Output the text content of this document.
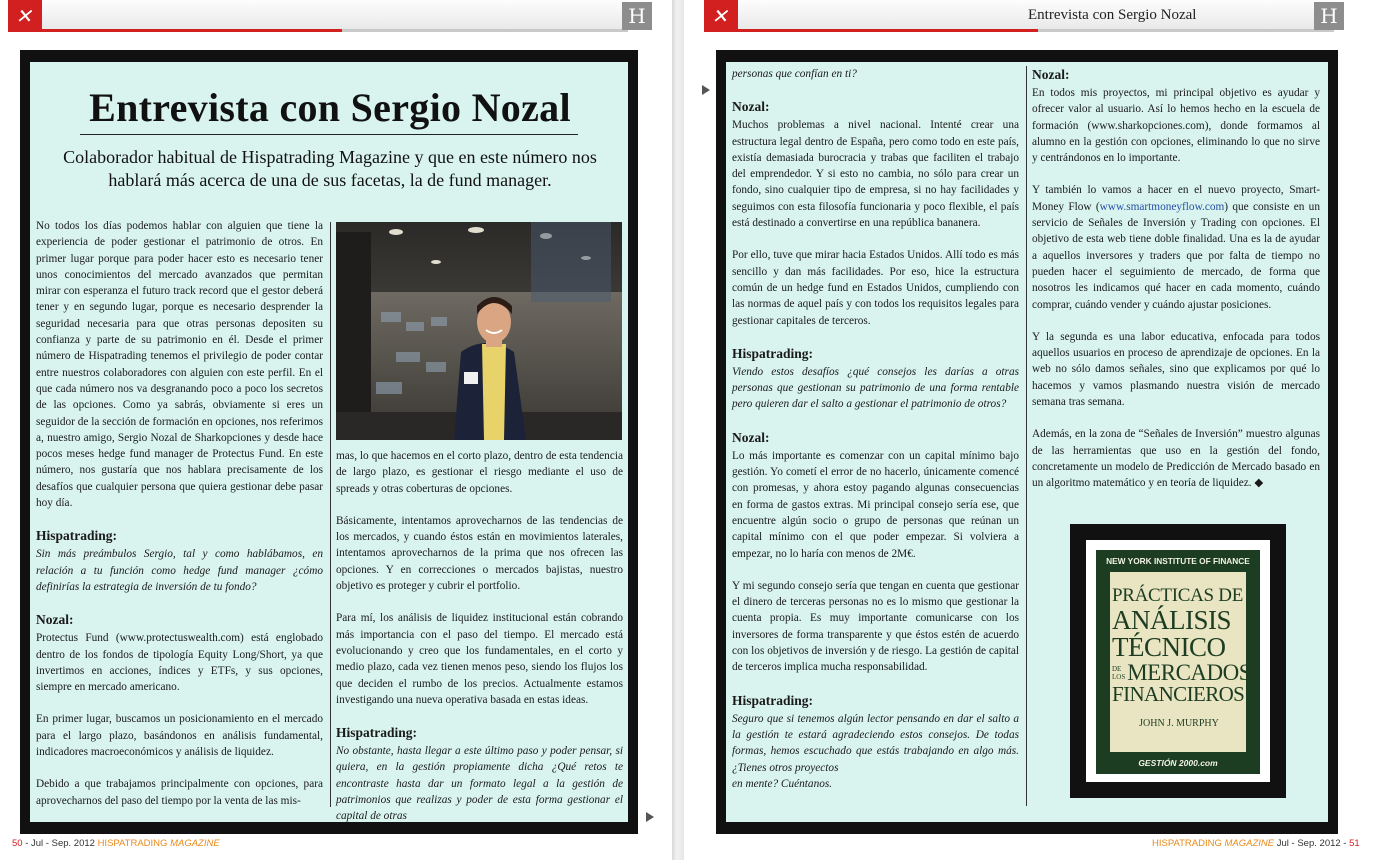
✕	H
Entrevista con Sergio Nozal
Colaborador habitual de Hispatrading Magazine y que en este número nos
hablará más acerca de una de sus facetas, la de fund manager.

No todos los días podemos hablar con alguien que tiene la experiencia de poder gestionar el patrimonio de otros. En primer lugar porque para poder hacer esto es necesario tener unos conocimientos del mercado avanzados que permitan mirar con esperanza el futuro track record que el gestor deberá tener y en segundo lugar, porque es necesario desprender la seguridad necesaria para que otras personas depositen su confianza y parte de su patrimonio en él. Desde el primer número de Hispatrading tenemos el privilegio de poder contar entre nuestros colaboradores con alguien con este perfil. En el que cada número nos va desgranando poco a poco los secretos de las opciones. Como ya sabrás, obviamente si eres un seguidor de la sección de formación en opciones, nos referimos a, nuestro amigo, Sergio Nozal de Sharkopciones y desde hace pocos meses hedge fund manager de Protectus Fund. En este número, nos gustaría que nos hablara precisamente de los desafíos que cualquier persona que quiera gestionar debe pasar hoy día.

Hispatrading:

Sin más preámbulos Sergio, tal y como hablábamos, en relación a tu función como hedge fund manager ¿cómo definirías la estrategia de inversión de tu fondo?

Nozal:

Protectus Fund (www.protectuswealth.com) está englobado dentro de los fondos de tipología Equity Long/Short, ya que invertimos en acciones, índices y ETFs, y sus opciones, siempre en mercado americano.

En primer lugar, buscamos un posicionamiento en el mercado para el largo plazo, basándonos en análisis fundamental, indicadores macroeconómicos y análisis de liquidez.

Debido a que trabajamos principalmente con opciones, para aprovecharnos del paso del tiempo por la venta de las mis-

mas, lo que hacemos en el corto plazo, dentro de esta tendencia de largo plazo, es gestionar el riesgo mediante el uso de spreads y otras coberturas de opciones.

Básicamente, intentamos aprovecharnos de las tendencias de los mercados, y cuando éstos están en movimientos laterales, intentamos aprovecharnos de la prima que nos ofrecen las opciones. Y en correcciones o mercados bajistas, nuestro objetivo es proteger y cubrir el portfolio.

Para mí, los análisis de liquidez institucional están cobrando más importancia con el paso del tiempo. El mercado está evolucionando y creo que los fundamentales, en el corto y medio plazo, cada vez tienen menos peso, siendo los flujos los que deciden el rumbo de los precios. Actualmente estamos investigando una nueva operativa basada en estas ideas.

Hispatrading:

No obstante, hasta llegar a este último paso y poder pensar, si quiera, en la gestión propiamente dicha ¿Qué retos te encontraste hasta dar un formato legal a la gestión de patrimonios que realizas y poder de esta forma gestionar el capital de otras

50 - Jul - Sep. 2012 HISPATRADING MAGAZINE
✕	Entrevista con Sergio Nozal	H

personas que confían en ti?

Nozal:

Muchos problemas a nivel nacional. Intenté crear una estructura legal dentro de España, pero como todo en este país, existía demasiada burocracia y trabas que faciliten el trabajo del emprendedor. Y si esto no cambia, no sólo para crear un fondo, sino cualquier tipo de empresa, si no hay facilidades y seguimos con esta filosofía funcionaria y poco flexible, el país está destinado a convertirse en una república bananera.

Por ello, tuve que mirar hacia Estados Unidos. Allí todo es más sencillo y dan más facilidades. Por eso, hice la estructura común de un hedge fund en Estados Unidos, cumpliendo con las normas de aquel país y con todos los requisitos legales para gestionar capitales de terceros.

Hispatrading:

Viendo estos desafíos ¿qué consejos les darías a otras personas que gestionan su patrimonio de una forma rentable pero quieren dar el salto a gestionar el patrimonio de otros?

Nozal:

Lo más importante es comenzar con un capital mínimo bajo gestión. Yo cometí el error de no hacerlo, únicamente comencé con promesas, y ahora estoy pagando algunas consecuencias en forma de gastos extras. Mi principal consejo sería ese, que encuentre algún socio o grupo de personas que reúnan un capital mínimo con el que poder empezar. Si volviera a empezar, no lo haría con menos de 2M€.

Y mi segundo consejo sería que tengan en cuenta que gestionar el dinero de terceras personas no es lo mismo que gestionar la cuenta propia. Es muy importante comunicarse con los inversores de forma transparente y que éstos estén de acuerdo con los objetivos de inversión y de riesgo. La gestión de capital de terceros implica mucha responsabilidad.

Hispatrading:

Seguro que si tenemos algún lector pensando en dar el salto a la gestión te estará agradeciendo estos consejos. De todas formas, hemos escuchado que estás trabajando en algo más. ¿Tienes otros proyectos
en mente? Cuéntanos.

Nozal:

En todos mis proyectos, mi principal objetivo es ayudar y ofrecer valor al usuario. Así lo hemos hecho en la escuela de formación (www.sharkopciones.com), donde formamos al alumno en la gestión con opciones, eliminando lo que no sirve y centrándonos en lo importante.

Y también lo vamos a hacer en el nuevo proyecto, Smart-Money Flow (www.smartmoneyflow.com) que consiste en un servicio de Señales de Inversión y Trading con opciones. El objetivo de esta web tiene doble finalidad. Una es la de ayudar a aquellos inversores y traders que por falta de tiempo no pueden hacer el seguimiento de mercado, de forma que nosotros les indicamos qué hacer en cada momento, cuándo comprar, cuándo vender y cuándo ajustar posiciones.

Y la segunda es una labor educativa, enfocada para todos aquellos usuarios en proceso de aprendizaje de opciones. En la web no sólo damos señales, sino que explicamos por qué lo hacemos y vamos plasmando nuestra visión de mercado semana tras semana.

Además, en la zona de “Señales de Inversión” muestro algunas de las herramientas que uso en la gestión del fondo, concretamente un modelo de Predicción de Mercado basado en un algoritmo matemático y en teoría de liquidez. ◆

NEW YORK INSTITUTE OF FINANCE
GESTIÓN 2000.com
PRÁCTICAS DE
ANÁLISIS
TÉCNICO
DE
LOS MERCADOS
FINANCIEROS
JOHN J. MURPHY
HISPATRADING MAGAZINE Jul - Sep. 2012 - 51
